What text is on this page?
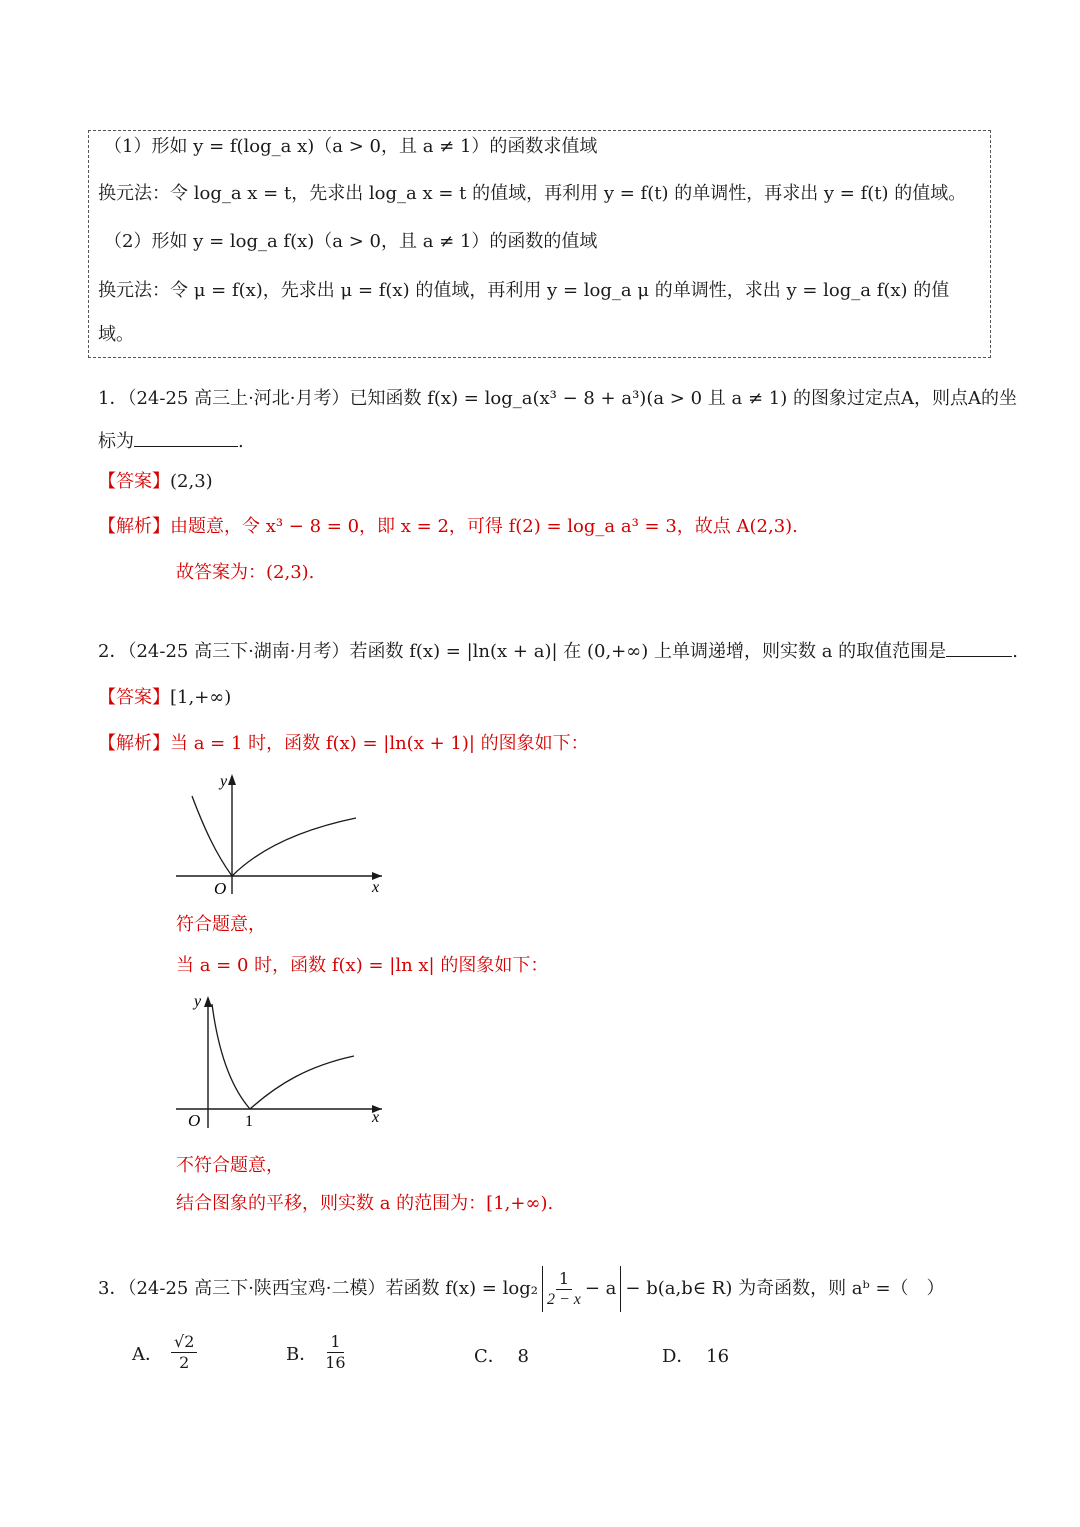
（1）形如 y = f(log_a x)（a > 0，且 a ≠ 1）的函数求值域
换元法：令 log_a x = t，先求出 log_a x = t 的值域，再利用 y = f(t) 的单调性，再求出 y = f(t) 的值域。
（2）形如 y = log_a f(x)（a > 0，且 a ≠ 1）的函数的值域
换元法：令 μ = f(x)，先求出 μ = f(x) 的值域，再利用 y = log_a μ 的单调性，求出 y = log_a f(x) 的值
域。
1．（24-25 高三上·河北·月考）已知函数 f(x) = log_a(x³ − 8 + a³)(a > 0 且 a ≠ 1) 的图象过定点A，则点A的坐
标为	.
【答案】(2,3)
【解析】由题意，令 x³ − 8 = 0，即 x = 2，可得 f(2) = log_a a³ = 3，故点 A(2,3).
故答案为：(2,3).
2．（24-25 高三下·湖南·月考）若函数 f(x) = |ln(x + a)| 在 (0,+∞) 上单调递增，则实数 a 的取值范围是	.
【答案】[1,+∞)
【解析】当 a = 1 时，函数 f(x) = |ln(x + 1)| 的图象如下：
y
x
O
符合题意，
当 a = 0 时，函数 f(x) = |ln x| 的图象如下：
y
x
O	1
不符合题意，
结合图象的平移，则实数 a 的范围为：[1,+∞).
3．（24-25 高三下·陕西宝鸡·二模）若函数 $f(x) = \log_2 \frac{1}{2 - x} - a$ − b(a,b∈ R) 为奇函数，则 aᵇ =（　）
A． $\frac{√2}{2}$	B． $\frac{1}{16}$	C． 8	D． 16
